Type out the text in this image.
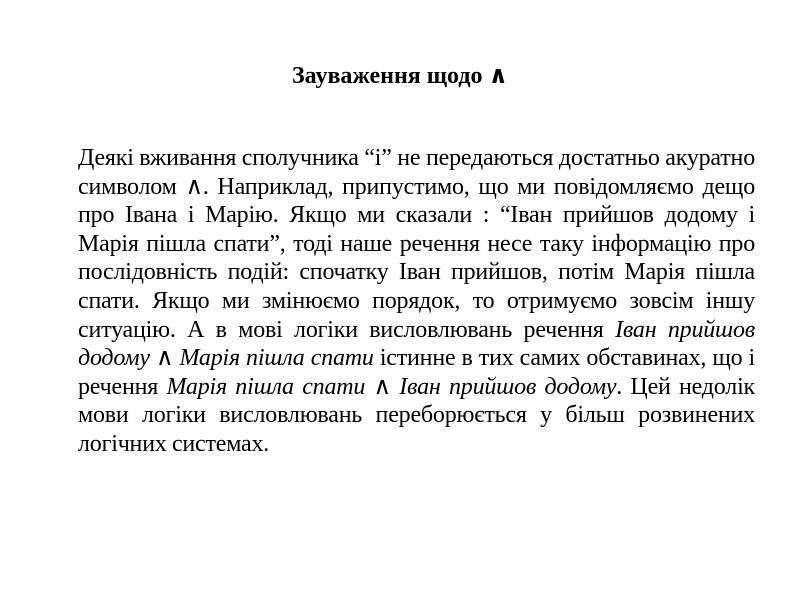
Зауваження щодо ∧
Деякі вживання сполучника “і” не передаються достатньо акуратно символом ∧. Наприклад, припустимо, що ми повідомляємо дещо про Івана і Марію. Якщо ми сказали : “Іван прийшов додому і Марія пішла спати”, тоді наше речення несе таку інформацію про послідовність подій: спочатку Іван прийшов, потім Марія пішла спати. Якщо ми змінюємо порядок, то отримуємо зовсім іншу ситуацію. А в мові логіки висловлювань речення Іван прийшов додому ∧ Марія пішла спати істинне в тих самих обставинах, що і речення Марія пішла спати ∧ Іван прийшов додому. Цей недолік мови логіки висловлювань переборюється у більш розвинених логічних системах.
